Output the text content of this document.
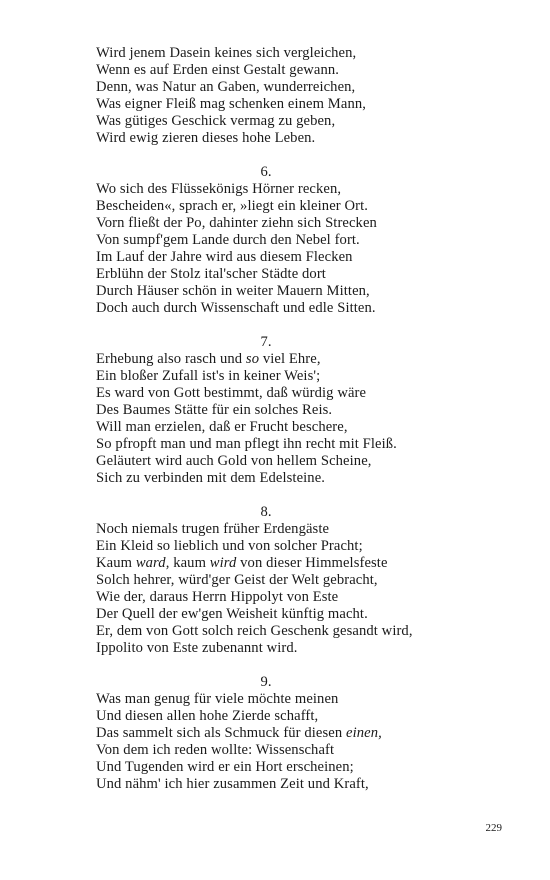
Wird jenem Dasein keines sich vergleichen,
Wenn es auf Erden einst Gestalt gewann.
Denn, was Natur an Gaben, wunderreichen,
Was eigner Fleiß mag schenken einem Mann,
Was gütiges Geschick vermag zu geben,
Wird ewig zieren dieses hohe Leben.
6.
Wo sich des Flüssekönigs Hörner recken,
Bescheiden«, sprach er, »liegt ein kleiner Ort.
Vorn fließt der Po, dahinter ziehn sich Strecken
Von sumpf'gem Lande durch den Nebel fort.
Im Lauf der Jahre wird aus diesem Flecken
Erblühn der Stolz ital'scher Städte dort
Durch Häuser schön in weiter Mauern Mitten,
Doch auch durch Wissenschaft und edle Sitten.
7.
Erhebung also rasch und so viel Ehre,
Ein bloßer Zufall ist's in keiner Weis';
Es ward von Gott bestimmt, daß würdig wäre
Des Baumes Stätte für ein solches Reis.
Will man erzielen, daß er Frucht beschere,
So pfropft man und man pflegt ihn recht mit Fleiß.
Geläutert wird auch Gold von hellem Scheine,
Sich zu verbinden mit dem Edelsteine.
8.
Noch niemals trugen früher Erdengäste
Ein Kleid so lieblich und von solcher Pracht;
Kaum ward, kaum wird von dieser Himmelsfeste
Solch hehrer, würd'ger Geist der Welt gebracht,
Wie der, daraus Herrn Hippolyt von Este
Der Quell der ew'gen Weisheit künftig macht.
Er, dem von Gott solch reich Geschenk gesandt wird,
Ippolito von Este zubenannt wird.
9.
Was man genug für viele möchte meinen
Und diesen allen hohe Zierde schafft,
Das sammelt sich als Schmuck für diesen einen,
Von dem ich reden wollte: Wissenschaft
Und Tugenden wird er ein Hort erscheinen;
Und nähm' ich hier zusammen Zeit und Kraft,
229
